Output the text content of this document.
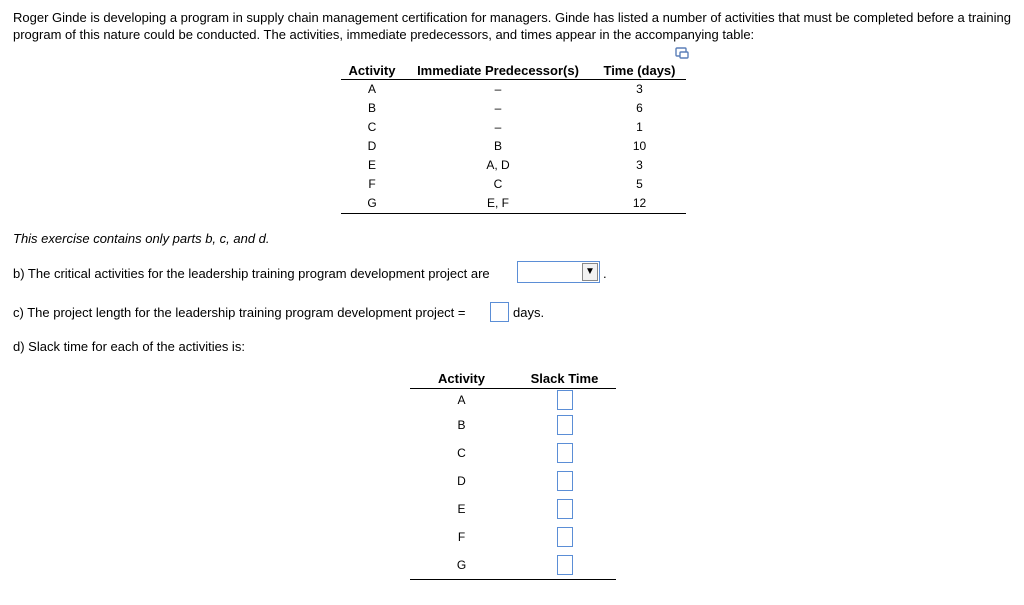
Roger Ginde is developing a program in supply chain management certification for managers. Ginde has listed a number of activities that must be completed before a training program of this nature could be conducted. The activities, immediate predecessors, and times appear in the accompanying table:
Activity	Immediate Predecessor(s)	Time (days)
A	–	3
B	–	6
C	–	1
D	B	10
E	A, D	3
F	C	5
G	E, F	12
This exercise contains only parts b, c, and d.
b) The critical activities for the leadership training program development project are	▼ .
c) The project length for the leadership training program development project =	days.
d) Slack time for each of the activities is:
Activity	Slack Time
A	
B	
C	
D	
E	
F	
G	
